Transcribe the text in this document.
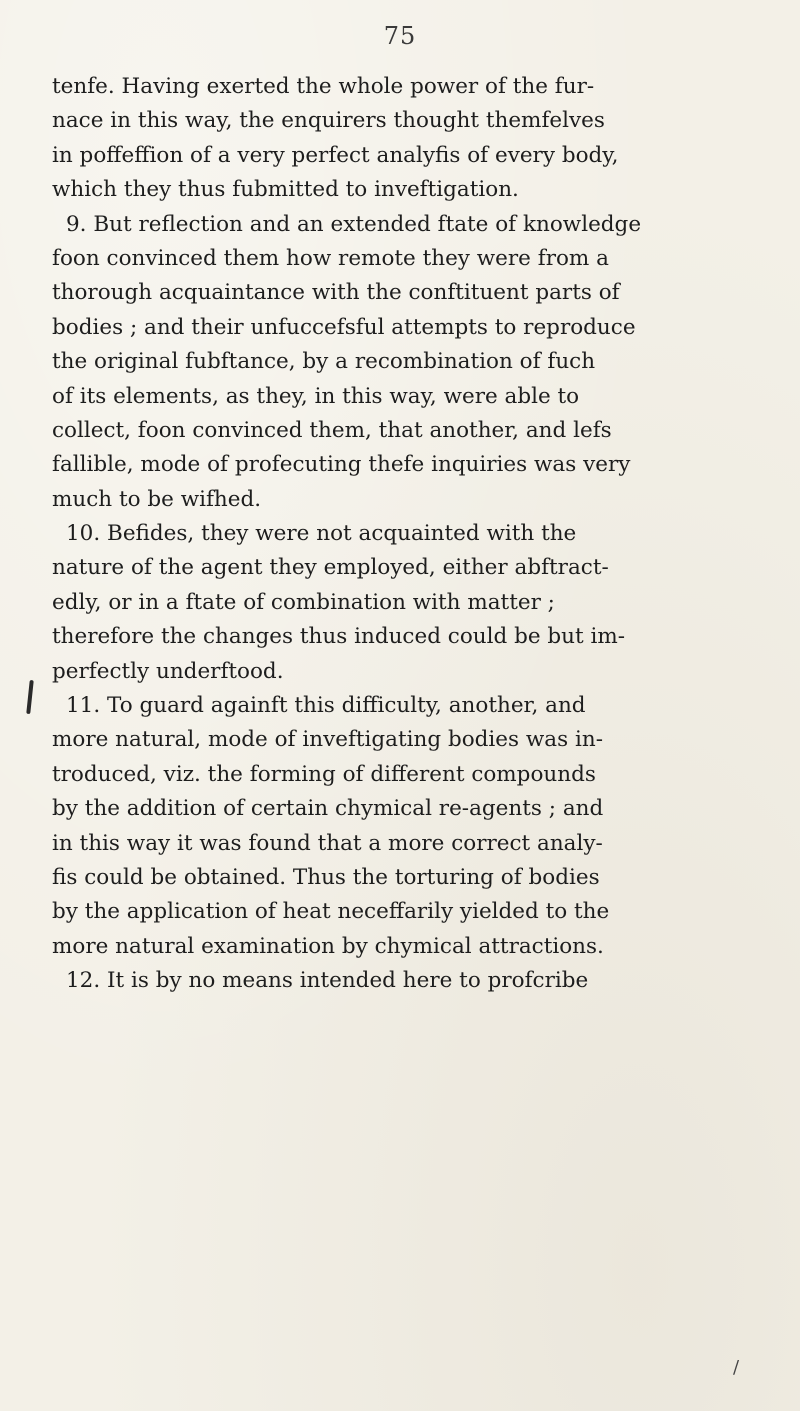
75
tenfe. Having exerted the whole power of the fur-
nace in this way, the enquirers thought themfelves
in poffeffion of a very perfect analyfis of every body,
which they thus fubmitted to inveftigation.
9. But reflection and an extended ftate of knowledge
foon convinced them how remote they were from a
thorough acquaintance with the conftituent parts of
bodies ; and their unfuccefsful attempts to reproduce
the original fubftance, by a recombination of fuch
of its elements, as they, in this way, were able to
collect, foon convinced them, that another, and lefs
fallible, mode of profecuting thefe inquiries was very
much to be wifhed.
10. Befides, they were not acquainted with the
nature of the agent they employed, either abftract-
edly, or in a ftate of combination with matter ;
therefore the changes thus induced could be but im-
perfectly underftood.
11. To guard againft this difficulty, another, and
more natural, mode of inveftigating bodies was in-
troduced, viz. the forming of different compounds
by the addition of certain chymical re-agents ; and
in this way it was found that a more correct analy-
fis could be obtained. Thus the torturing of bodies
by the application of heat neceffarily yielded to the
more natural examination by chymical attractions.
12. It is by no means intended here to profcribe
/
